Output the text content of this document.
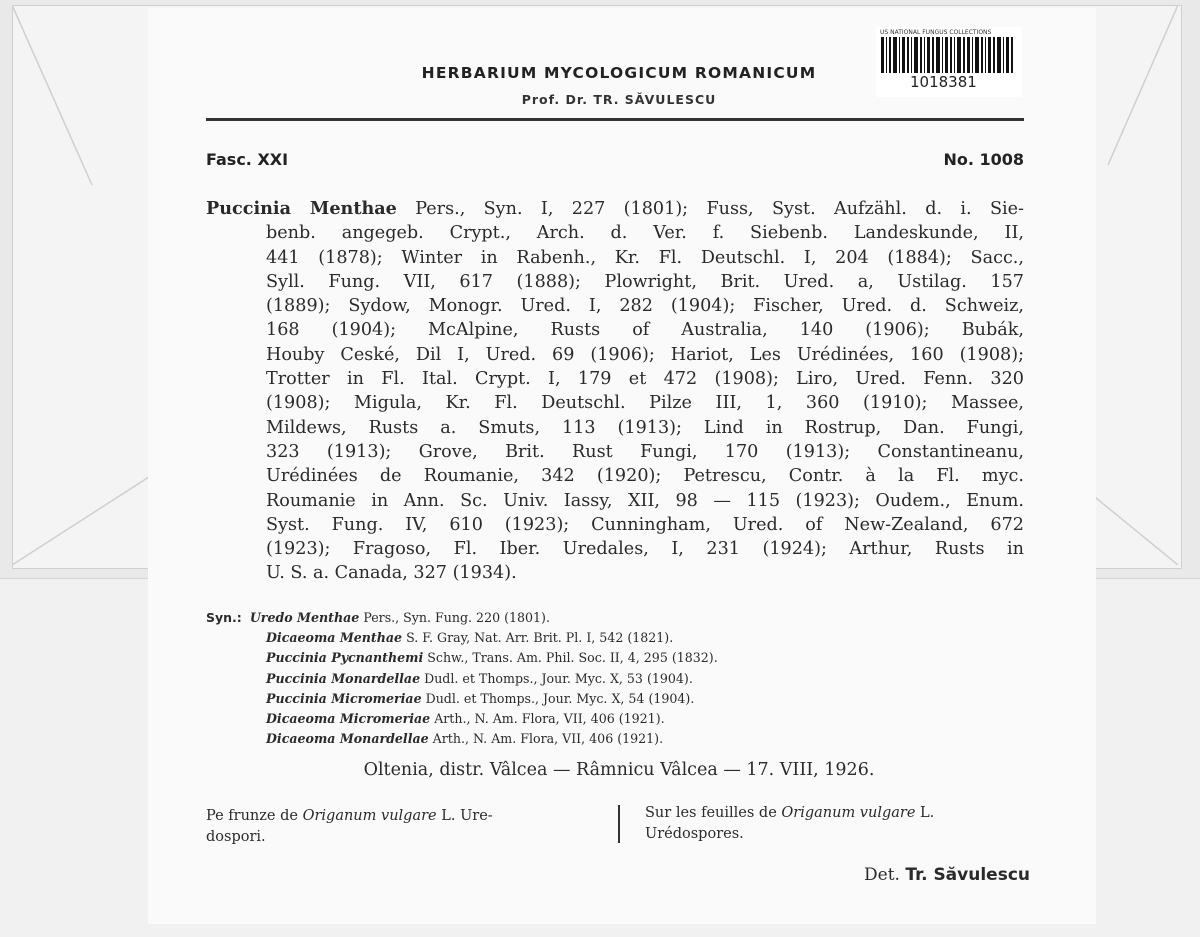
HERBARIUM MYCOLOGICUM ROMANICUM
Prof. Dr. TR. SĂVULESCU
US NATIONAL FUNGUS COLLECTIONS
1018381
Fasc. XXI	No. 1008
Puccinia Menthae Pers., Syn. I, 227 (1801); Fuss, Syst. Aufzähl. d. i. Sie-
benb. angegeb. Crypt., Arch. d. Ver. f. Siebenb. Landeskunde, II,
441 (1878); Winter in Rabenh., Kr. Fl. Deutschl. I, 204 (1884); Sacc.,
Syll. Fung. VII, 617 (1888); Plowright, Brit. Ured. a, Ustilag. 157
(1889); Sydow, Monogr. Ured. I, 282 (1904); Fischer, Ured. d. Schweiz,
168 (1904); McAlpine, Rusts of Australia, 140 (1906); Bubák,
Houby Ceské, Dil I, Ured. 69 (1906); Hariot, Les Urédinées, 160 (1908);
Trotter in Fl. Ital. Crypt. I, 179 et 472 (1908); Liro, Ured. Fenn. 320
(1908); Migula, Kr. Fl. Deutschl. Pilze III, 1, 360 (1910); Massee,
Mildews, Rusts a. Smuts, 113 (1913); Lind in Rostrup, Dan. Fungi,
323 (1913); Grove, Brit. Rust Fungi, 170 (1913); Constantineanu,
Urédinées de Roumanie, 342 (1920); Petrescu, Contr. à la Fl. myc.
Roumanie in Ann. Sc. Univ. Iassy, XII, 98 — 115 (1923); Oudem., Enum.
Syst. Fung. IV, 610 (1923); Cunningham, Ured. of New-Zealand, 672
(1923); Fragoso, Fl. Iber. Uredales, I, 231 (1924); Arthur, Rusts in
U. S. a. Canada, 327 (1934).
Syn.: Uredo Menthae Pers., Syn. Fung. 220 (1801).
Dicaeoma Menthae S. F. Gray, Nat. Arr. Brit. Pl. I, 542 (1821).
Puccinia Pycnanthemi Schw., Trans. Am. Phil. Soc. II, 4, 295 (1832).
Puccinia Monardellae Dudl. et Thomps., Jour. Myc. X, 53 (1904).
Puccinia Micromeriae Dudl. et Thomps., Jour. Myc. X, 54 (1904).
Dicaeoma Micromeriae Arth., N. Am. Flora, VII, 406 (1921).
Dicaeoma Monardellae Arth., N. Am. Flora, VII, 406 (1921).
Oltenia, distr. Vâlcea — Râmnicu Vâlcea — 17. VIII, 1926.
Pe frunze de Origanum vulgare L. Ure-
dospori.
Sur les feuilles de Origanum vulgare L.
Urédospores.
Det. Tr. Săvulescu
